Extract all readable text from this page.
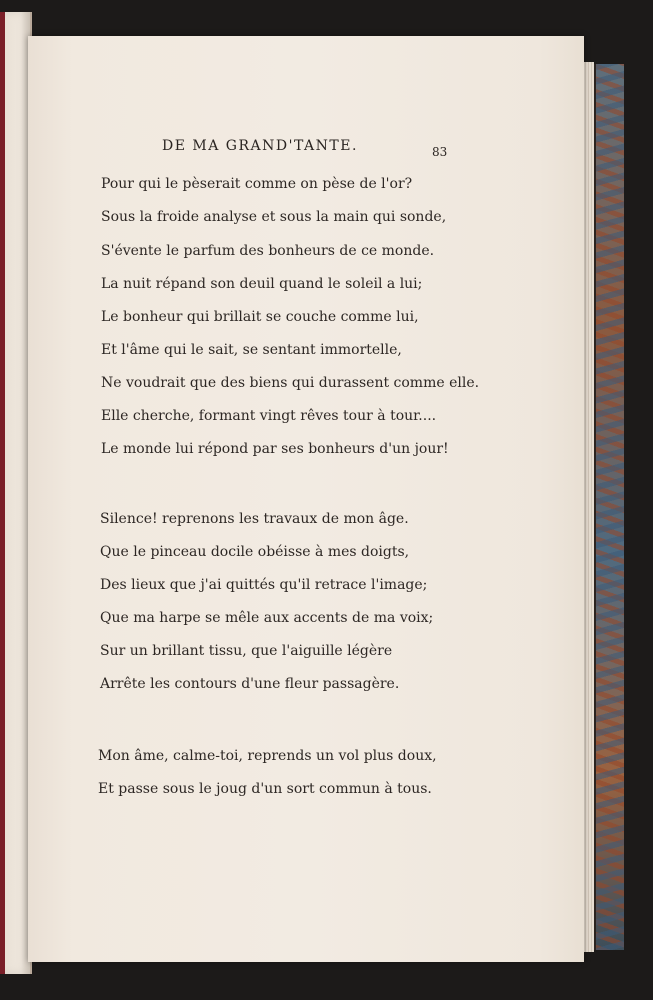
DE MA GRAND'TANTE.	83
Pour qui le pèserait comme on pèse de l'or?
Sous la froide analyse et sous la main qui sonde,
S'évente le parfum des bonheurs de ce monde.
La nuit répand son deuil quand le soleil a lui;
Le bonheur qui brillait se couche comme lui,
Et l'âme qui le sait, se sentant immortelle,
Ne voudrait que des biens qui durassent comme elle.
Elle cherche, formant vingt rêves tour à tour....
Le monde lui répond par ses bonheurs d'un jour!
Silence! reprenons les travaux de mon âge.
Que le pinceau docile obéisse à mes doigts,
Des lieux que j'ai quittés qu'il retrace l'image;
Que ma harpe se mêle aux accents de ma voix;
Sur un brillant tissu, que l'aiguille légère
Arrête les contours d'une fleur passagère.
Mon âme, calme-toi, reprends un vol plus doux,
Et passe sous le joug d'un sort commun à tous.
